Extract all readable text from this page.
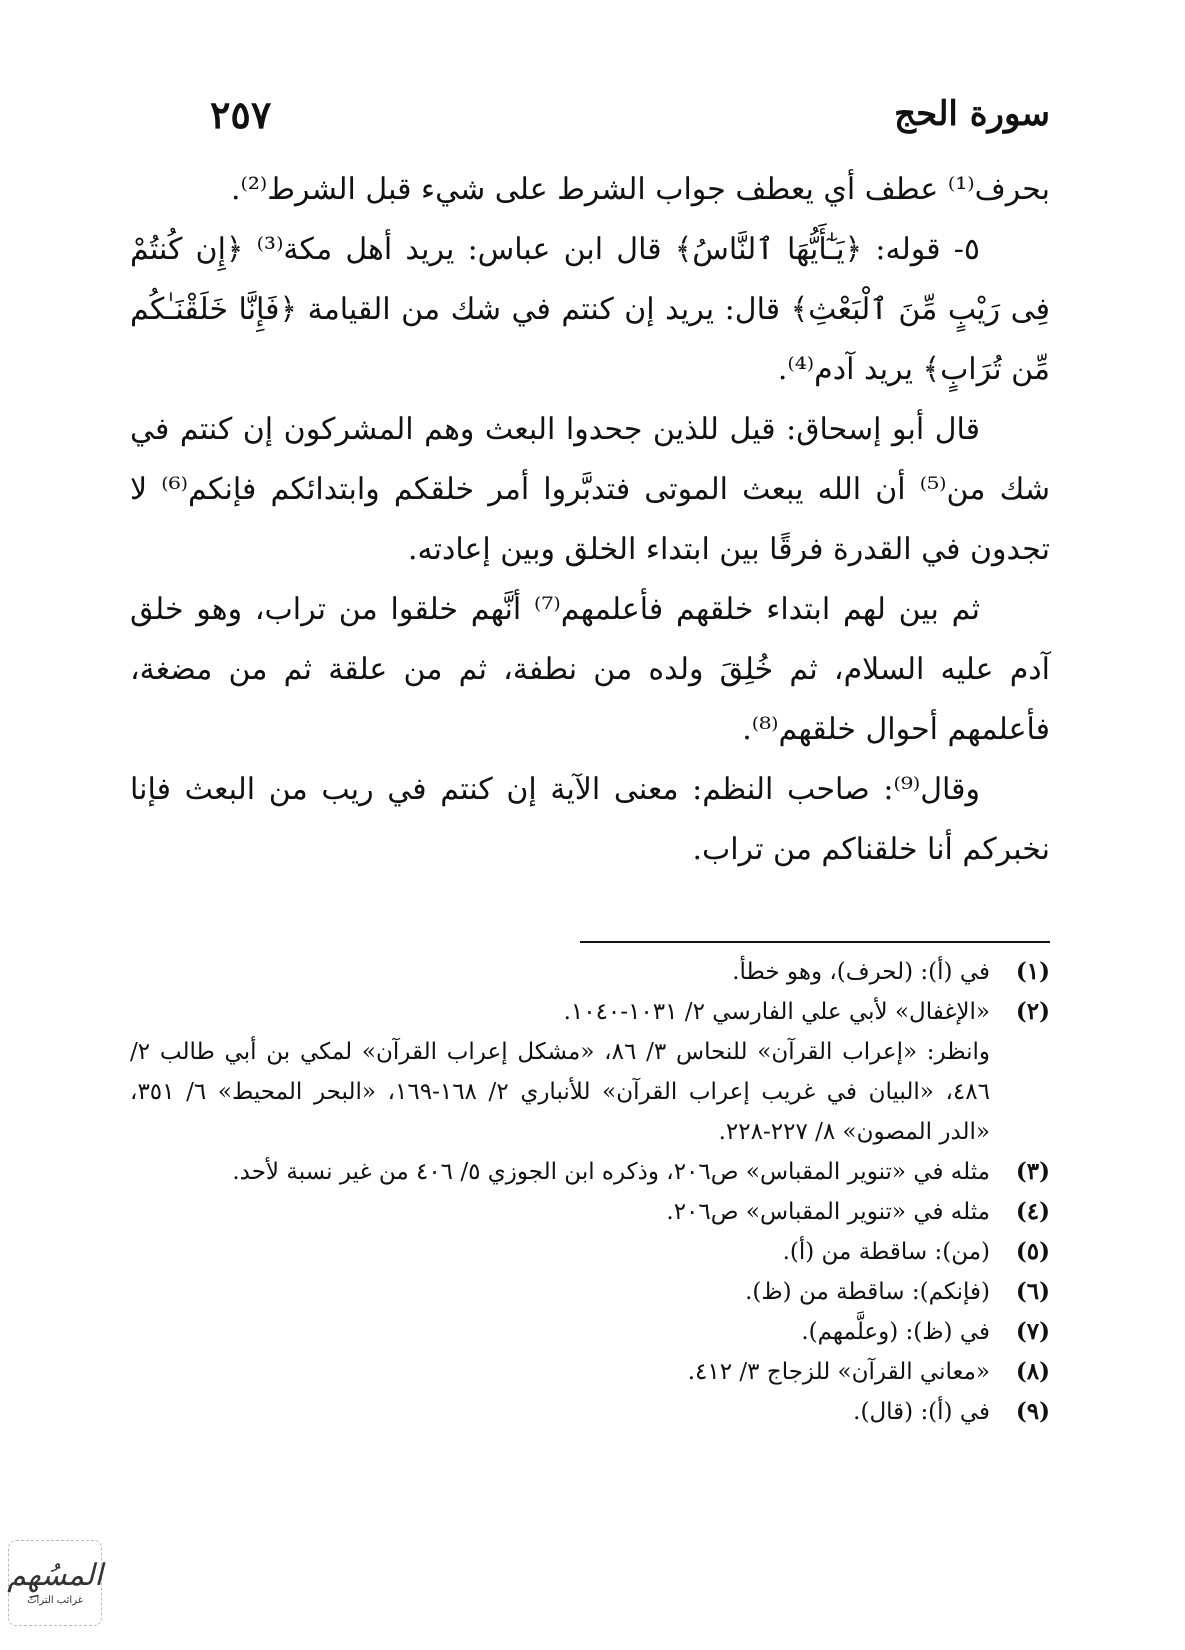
٢٥٧	سورة الحج

بحرف⁽¹⁾ عطف أي يعطف جواب الشرط على شيء قبل الشرط⁽²⁾.

٥- قوله: ﴿يَـٰٓأَيُّهَا ٱلنَّاسُ﴾ قال ابن عباس: يريد أهل مكة⁽³⁾ ﴿إِن كُنتُمْ فِى رَيْبٍ مِّنَ ٱلْبَعْثِ﴾ قال: يريد إن كنتم في شك من القيامة ﴿فَإِنَّا خَلَقْنَـٰكُم مِّن تُرَابٍ﴾ يريد آدم⁽⁴⁾.

قال أبو إسحاق: قيل للذين جحدوا البعث وهم المشركون إن كنتم في شك من⁽⁵⁾ أن الله يبعث الموتى فتدبَّروا أمر خلقكم وابتدائكم فإنكم⁽⁶⁾ لا تجدون في القدرة فرقًا بين ابتداء الخلق وبين إعادته.

ثم بين لهم ابتداء خلقهم فأعلمهم⁽⁷⁾ أنَّهم خلقوا من تراب، وهو خلق آدم عليه السلام، ثم خُلِقَ ولده من نطفة، ثم من علقة ثم من مضغة، فأعلمهم أحوال خلقهم⁽⁸⁾.

وقال⁽⁹⁾: صاحب النظم: معنى الآية إن كنتم في ريب من البعث فإنا نخبركم أنا خلقناكم من تراب.

(١)
في (أ): (لحرف)، وهو خطأ.
(٢)
«الإغفال» لأبي علي الفارسي ٢/ ١٠٣١-١٠٤٠.

وانظر: «إعراب القرآن» للنحاس ٣/ ٨٦، «مشكل إعراب القرآن» لمكي بن أبي طالب ٢/ ٤٨٦، «البيان في غريب إعراب القرآن» للأنباري ٢/ ١٦٨-١٦٩، «البحر المحيط» ٦/ ٣٥١، «الدر المصون» ٨/ ٢٢٧-٢٢٨.

(٣)
مثله في «تنوير المقباس» ص٢٠٦، وذكره ابن الجوزي ٥/ ٤٠٦ من غير نسبة لأحد.
(٤)
مثله في «تنوير المقباس» ص٢٠٦.
(٥)
(من): ساقطة من (أ).
(٦)
(فإنكم): ساقطة من (ظ).
(٧)
في (ظ): (وعلَّمهم).
(٨)
«معاني القرآن» للزجاج ٣/ ٤١٢.
(٩)
في (أ): (قال).
المسُهِم
غرائب التراث
